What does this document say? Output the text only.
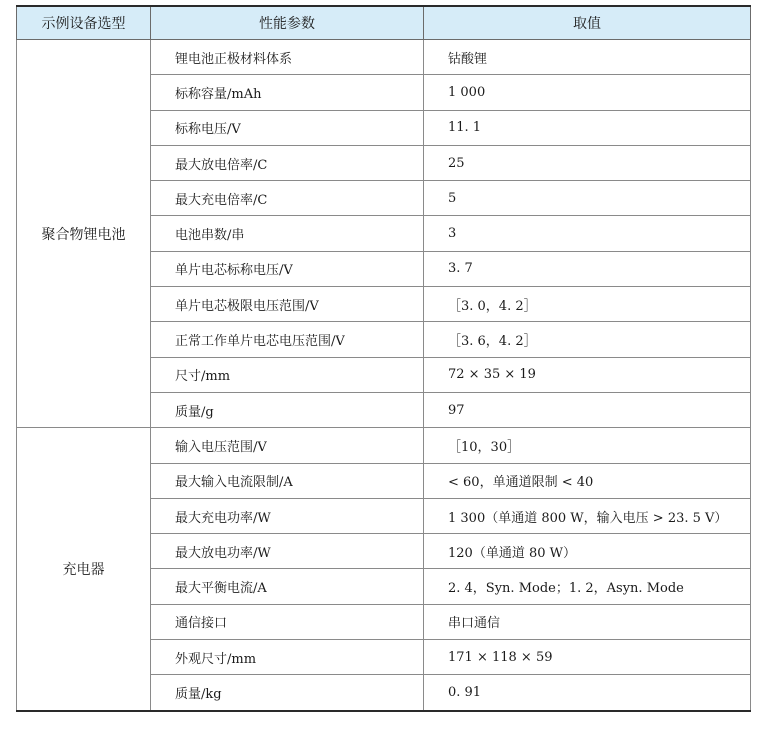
示例设备选型	性能参数	取值
聚合物锂电池	锂电池正极材料体系	钴酸锂
	标称容量/mAh	1 000
	标称电压/V	11. 1
	最大放电倍率/C	25
	最大充电倍率/C	5
	电池串数/串	3
	单片电芯标称电压/V	3. 7
	单片电芯极限电压范围/V	［3. 0，4. 2］
	正常工作单片电芯电压范围/V	［3. 6，4. 2］
	尺寸/mm	72 × 35 × 19
	质量/g	97
充电器	输入电压范围/V	［10，30］
	最大输入电流限制/A	< 60，单通道限制 < 40
	最大充电功率/W	1 300（单通道 800 W，输入电压 > 23. 5 V）
	最大放电功率/W	120（单通道 80 W）
	最大平衡电流/A	2. 4，Syn. Mode；1. 2，Asyn. Mode
	通信接口	串口通信
	外观尺寸/mm	171 × 118 × 59
	质量/kg	0. 91
